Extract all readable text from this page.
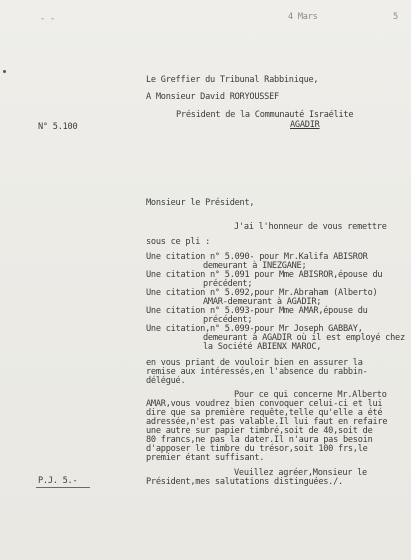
- -	4 Mars	5

Le Greffier du Tribunal Rabbinique,

A Monsieur David RORYOUSSEF

Président de la Communauté Israélite

AGADIR

N° 5.100

Monsieur le Président,

J'ai l'honneur de vous remettre

sous ce pli :

Une citation n° 5.090- pour Mr.Kalifa ABISROR

demeurant à INEZGANE;

Une citation n° 5.091 pour Mme ABISROR,épouse du

précédent;

Une citation n° 5.092,pour Mr.Abraham (Alberto)

AMAR-demeurant à AGADIR;

Une citation n° 5.093-pour Mme AMAR,épouse du

précédent;

Une citation,n° 5.099-pour Mr Joseph GABBAY,

demeurant à AGADIR où il est employé chez

la Société ABIENX MAROC,

en vous priant de vouloir bien en assurer la

remise aux intéressés,en l'absence du rabbin-

délégué.

Pour ce qui concerne Mr.Alberto

AMAR,vous voudrez bien convoquer celui-ci et lui

dire que sa première requête,telle qu'elle a été

adressée,n'est pas valable.Il lui faut en refaire

une autre sur papier timbré,soit de 40,soit de

80 francs,ne pas la dater.Il n'aura pas besoin

d'apposer le timbre du trésor,soit 100 frs,le

premier étant suffisant.

Veuillez agréer,Monsieur le

Président,mes salutations distinguées./.

P.J. 5.-
